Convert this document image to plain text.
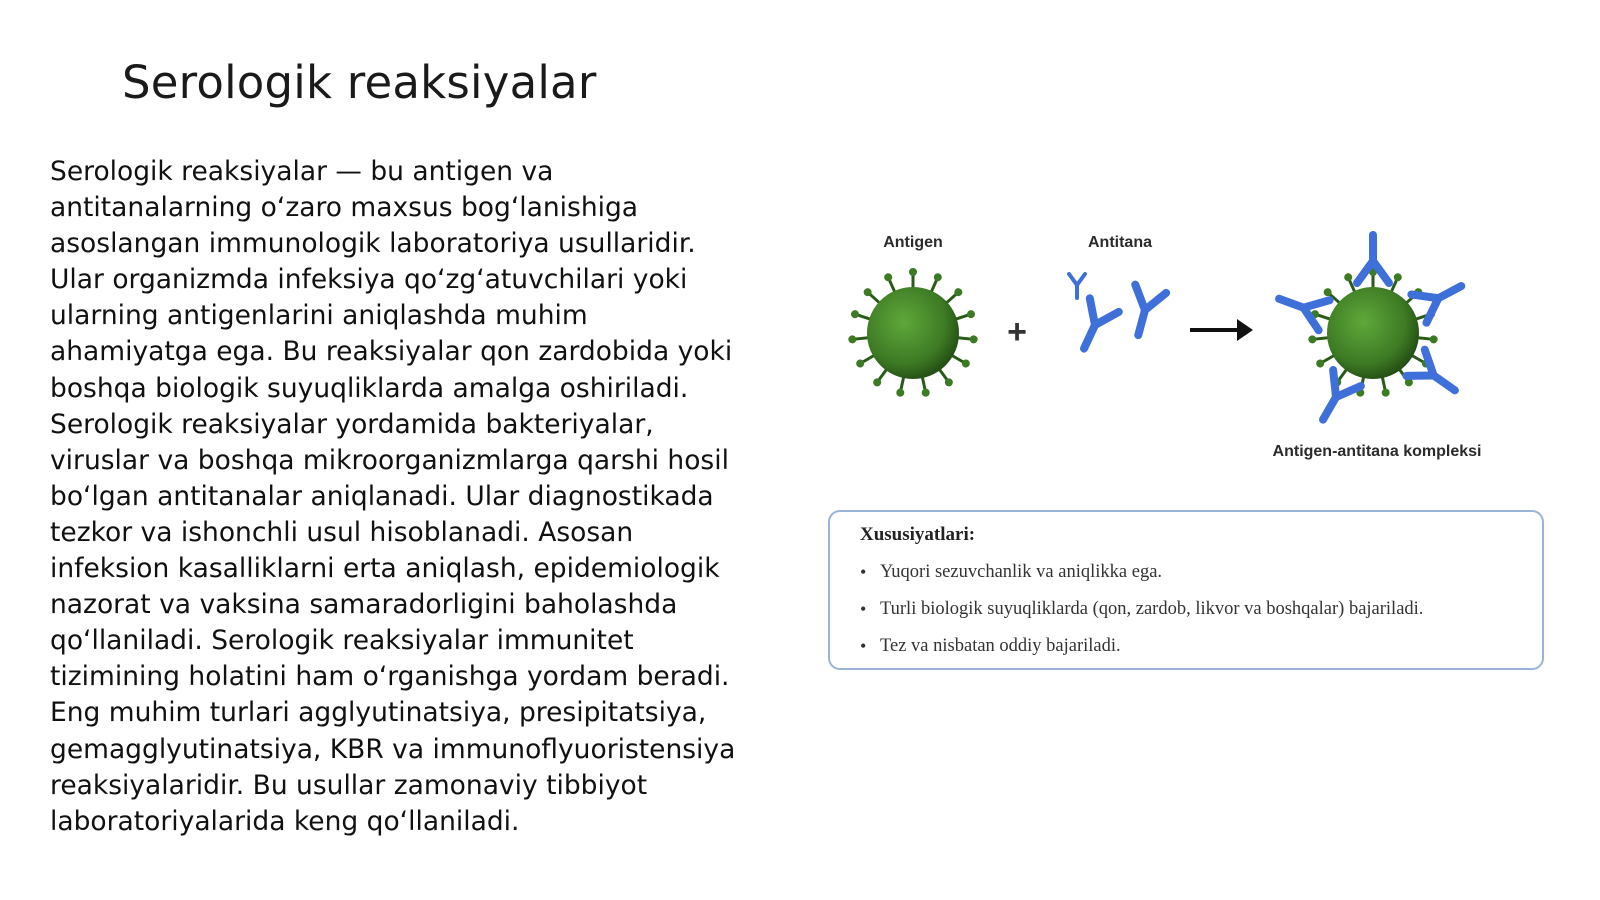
Serologik reaksiyalar

Serologik reaksiyalar — bu antigen va antitanalarning o‘zaro maxsus bog‘lanishiga asoslangan immunologik laboratoriya usullaridir. Ular organizmda infeksiya qo‘zg‘atuvchilari yoki ularning antigenlarini aniqlashda muhim ahamiyatga ega. Bu reaksiyalar qon zardobida yoki boshqa biologik suyuqliklarda amalga oshiriladi. Serologik reaksiyalar yordamida bakteriyalar, viruslar va boshqa mikroorganizmlarga qarshi hosil bo‘lgan antitanalar aniqlanadi. Ular diagnostikada tezkor va ishonchli usul hisoblanadi. Asosan infeksion kasalliklarni erta aniqlash, epidemiologik nazorat va vaksina samaradorligini baholashda qo‘llaniladi. Serologik reaksiyalar immunitet tizimining holatini ham o‘rganishga yordam beradi. Eng muhim turlari agglyutinatsiya, presipitatsiya, gemagglyutinatsiya, KBR va immunoflyuoristensiya reaksiyalaridir. Bu usullar zamonaviy tibbiyot laboratoriyalarida keng qo‘llaniladi.

Antigen	Antitana
+
Antigen-antitana kompleksi
Xususiyatlari:
• Yuqori sezuvchanlik va aniqlikka ega.
• Turli biologik suyuqliklarda (qon, zardob, likvor va boshqalar) bajariladi.
• Tez va nisbatan oddiy bajariladi.
